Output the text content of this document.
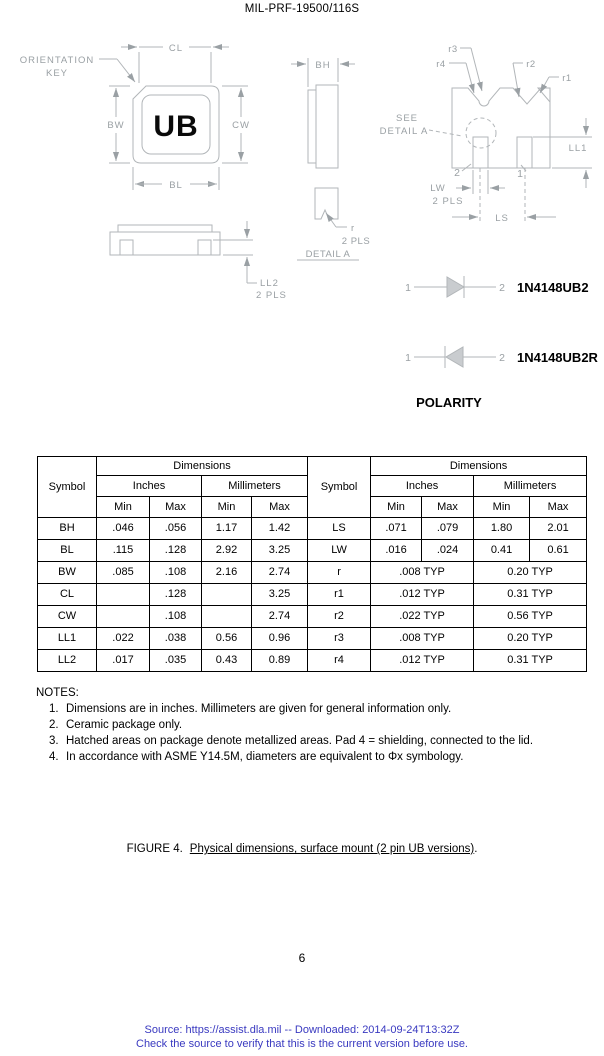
MIL-PRF-19500/116S
UB
ORIENTATION
KEY
CL
BW	CW
BL
BH
r
2 PLS
DETAIL A
r3
r4	r2
r1
SEE
DETAIL A
2	1
LL1
LW
2 PLS
LS
LL2
2 PLS
1	2 1N4148UB2
1	2 1N4148UB2R
POLARITY
Symbol	Dimensions				Symbol	Dimensions			
	Inches		Millimeters			Inches		Millimeters	
	Min	Max	Min	Max		Min	Max	Min	Max
BH	.046	.056	1.17	1.42	LS	.071	.079	1.80	2.01
BL	.115	.128	2.92	3.25	LW	.016	.024	0.41	0.61
BW	.085	.108	2.16	2.74	r	.008 TYP		0.20 TYP	
CL		.128		3.25	r1	.012 TYP		0.31 TYP	
CW		.108		2.74	r2	.022 TYP		0.56 TYP	
LL1	.022	.038	0.56	0.96	r3	.008 TYP		0.20 TYP	
LL2	.017	.035	0.43	0.89	r4	.012 TYP		0.31 TYP	
NOTES:
1. Dimensions are in inches. Millimeters are given for general information only.
2. Ceramic package only.
3. Hatched areas on package denote metallized areas. Pad 4 = shielding, connected to the lid.
4. In accordance with ASME Y14.5M, diameters are equivalent to Φx symbology.
FIGURE 4. Physical dimensions, surface mount (2 pin UB versions).
6
Source: https://assist.dla.mil -- Downloaded: 2014-09-24T13:32Z
Check the source to verify that this is the current version before use.
